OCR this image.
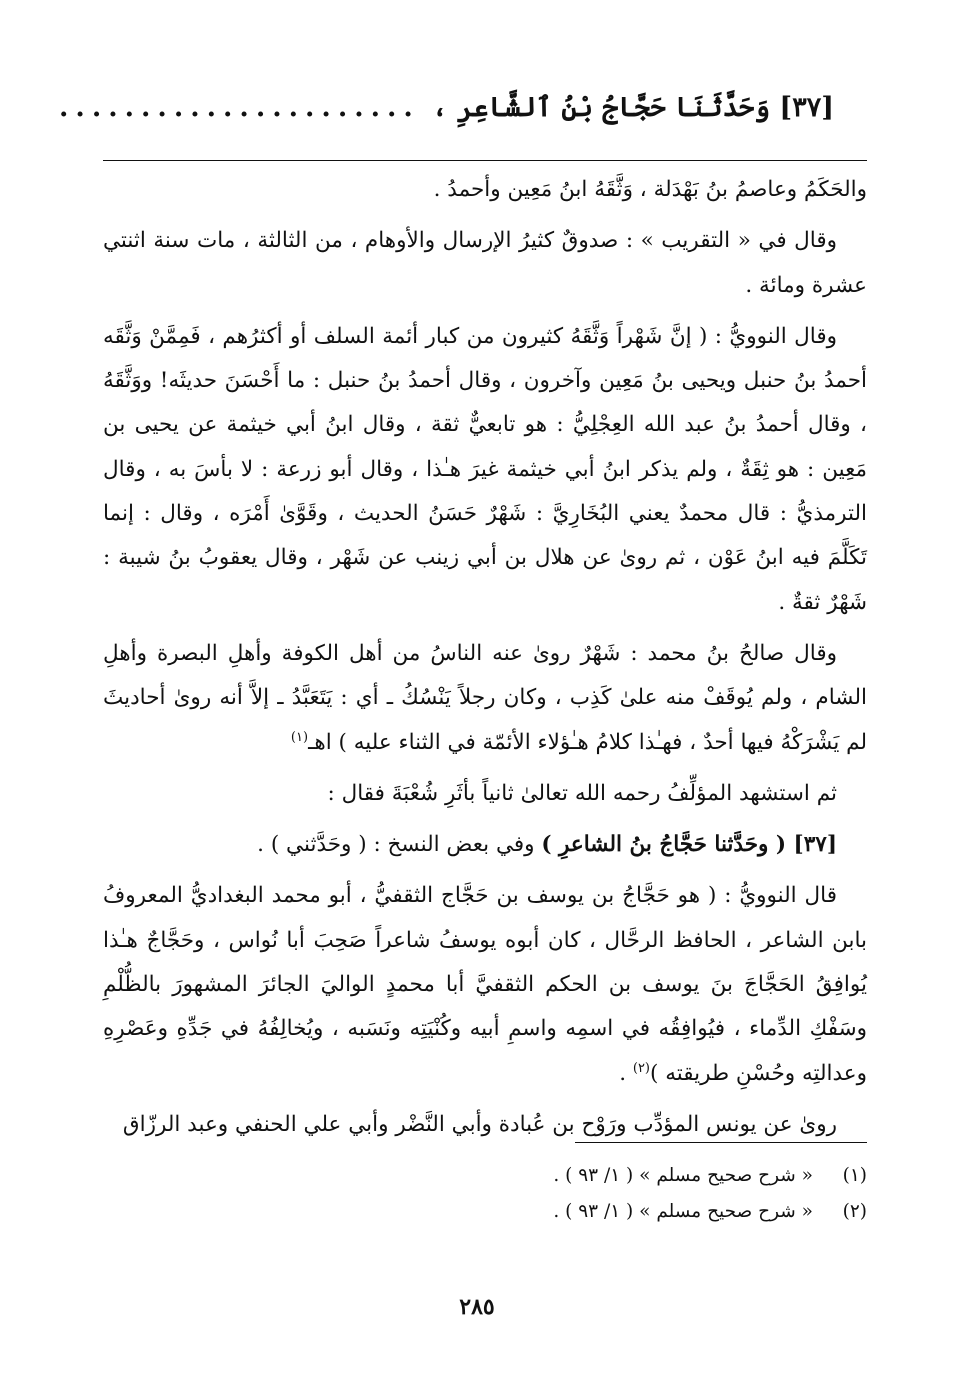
[٣٧] وَحَدَّثَنَا حَجَّاجُ بْنُ ٱلشَّاعِرِ ،
......................

والحَكَمُ وعاصمُ بنُ بَهْدَلة ، وَثَّقَهُ ابنُ مَعِين وأحمدُ .

وقال في « التقريب » : صدوقٌ كثيرُ الإرسال والأوهام ، من الثالثة ، مات سنة اثنتي عشرة ومائة .

وقال النوويُّ : ( إنَّ شَهْراً وَثَّقَهُ كثيرون من كبار أئمة السلف أو أكثرُهم ، فَمِمَّنْ وَثَّقَه أحمدُ بنُ حنبل ويحيى بنُ مَعِين وآخرون ، وقال أحمدُ بنُ حنبل : ما أَحْسَنَ حديثَه! ووَثَّقَهُ ، وقال أحمدُ بنُ عبد الله العِجْلِيُّ : هو تابعيٌّ ثقة ، وقال ابنُ أبي خيثمة عن يحيى بن مَعِين : هو ثِقَةٌ ، ولم يذكر ابنُ أبي خيثمة غيرَ هـٰذا ، وقال أبو زرعة : لا بأسَ به ، وقال الترمذيُّ : قال محمدٌ يعني البُخَارِيَّ : شَهْرٌ حَسَنُ الحديث ، وقَوَّىٰ أَمْرَه ، وقال : إنما تَكَلَّمَ فيه ابنُ عَوْن ، ثم روىٰ عن هلال بن أبي زينب عن شَهْر ، وقال يعقوبُ بنُ شيبة : شَهْرٌ ثقةٌ .

وقال صالحُ بنُ محمد : شَهْرٌ روىٰ عنه الناسُ من أهل الكوفة وأهلِ البصرة وأهلِ الشام ، ولم يُوقَفْ منه علىٰ كَذِب ، وكان رجلاً يَنْسُكُ ـ أي : يَتَعَبَّدُ ـ إلاَّ أنه روىٰ أحاديثَ لم يَشْرَكْهُ فيها أحدٌ ، فهـٰذا كلامُ هـٰؤلاء الأئمّة في الثناء عليه ) اهـ$^{(١)}$

ثم استشهد المؤلِّفُ رحمه الله تعالىٰ ثانياً بأثَرِ شُعْبَةَ فقال :

[٣٧] ( وحَدَّثنا حَجَّاجُ بنُ الشاعرِ ) وفي بعض النسخ : ( وحَدَّثني ) .

قال النوويُّ : ( هو حَجَّاجُ بن يوسف بن حَجَّاج الثقفيُّ ، أبو محمد البغداديُّ المعروفُ بابن الشاعر ، الحافظ الرحَّال ، كان أبوه يوسفُ شاعراً صَحِبَ أبا نُواس ، وحَجَّاجٌ هـٰذا يُوافِقُ الحَجَّاجَ بنَ يوسف بن الحكم الثقفيَّ أبا محمدٍ الواليَ الجائرَ المشهورَ بالظُّلْمِ وسَفْكِ الدِّماء ، فيُوافِقُه في اسمِه واسمِ أبيه وكُنْيَتِه ونَسَبه ، ويُخالِفُهُ في جَدِّهِ وعَصْرِهِ وعدالتِه وحُسْنِ طريقته )$^{(٢)}$ .

روىٰ عن يونس المؤدِّب ورَوْح بن عُبادة وأبي النَّضْر وأبي علي الحنفي وعبد الرزّاق

(١)
« شرح صحيح مسلم » ( ١/ ٩٣ ) .
(٢)
« شرح صحيح مسلم » ( ١/ ٩٣ ) .
٢٨٥
